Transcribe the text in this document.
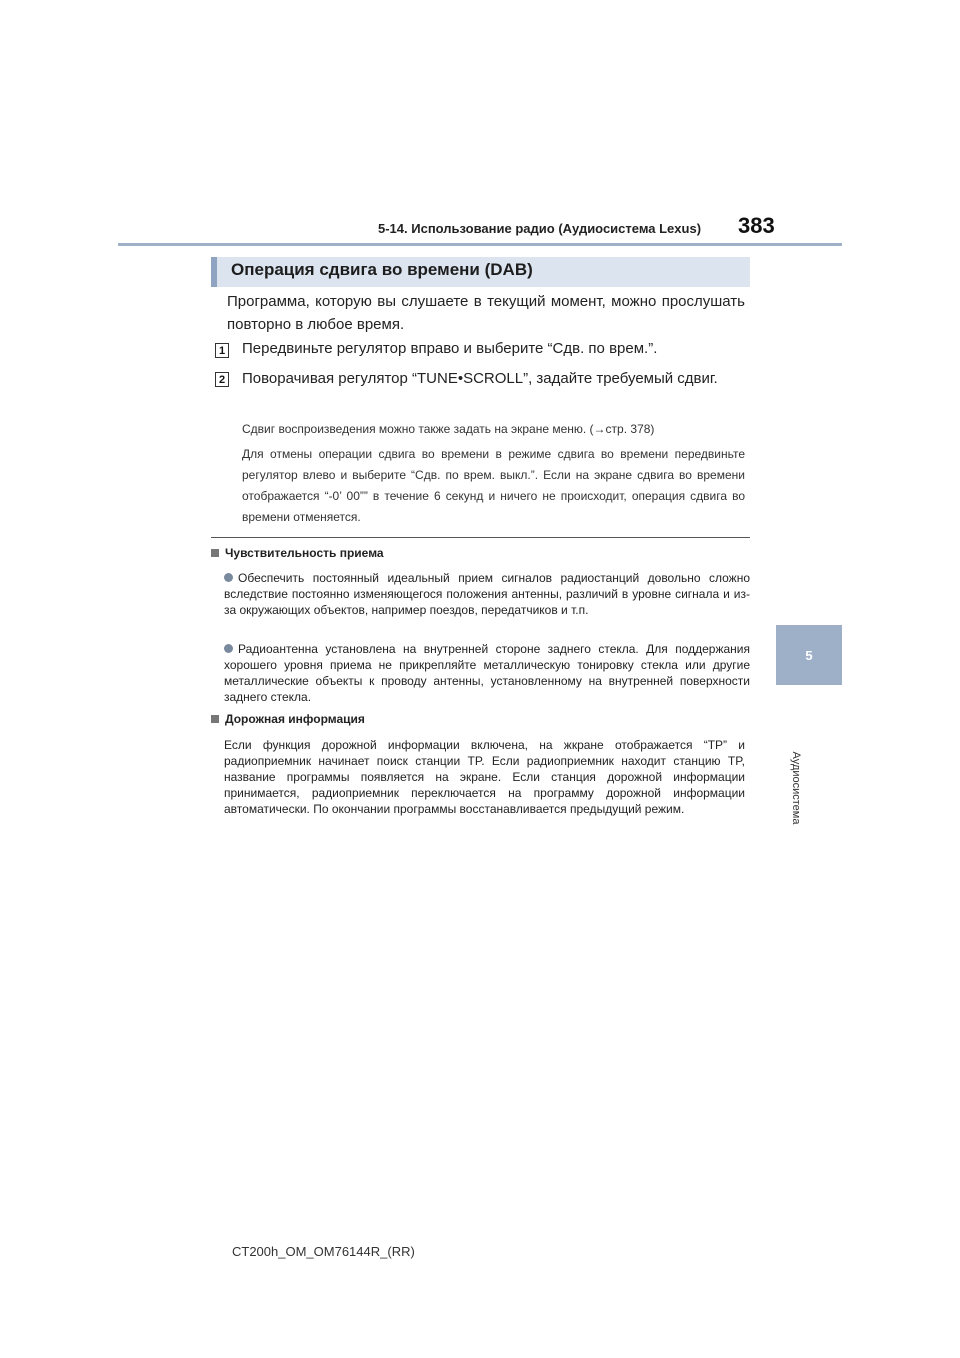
5-14. Использование радио (Аудиосистема Lexus) 383
5
Аудиосистема
Операция сдвига во времени (DAB)
Программа, которую вы слушаете в текущий момент, можно прослушать повторно в любое время.
1 Передвиньте регулятор вправо и выберите “Сдв. по врем.”.
2 Поворачивая регулятор “TUNE•SCROLL”, задайте требуемый сдвиг.
Сдвиг воспроизведения можно также задать на экране меню. (→стр. 378)
Для отмены операции сдвига во времени в режиме сдвига во времени передвиньте регулятор влево и выберите “Сдв. по врем. выкл.”. Если на экране сдвига во времени отображается “-0’ 00”” в течение 6 секунд и ничего не происходит, операция сдвига во времени отменяется.
Чувствительность приема
Обеспечить постоянный идеальный прием сигналов радиостанций довольно сложно вследствие постоянно изменяющегося положения антенны, различий в уровне сигнала и из-за окружающих объектов, например поездов, передатчиков и т.п.
Радиоантенна установлена на внутренней стороне заднего стекла. Для поддержания хорошего уровня приема не прикрепляйте металлическую тонировку стекла или другие металлические объекты к проводу антенны, установленному на внутренней поверхности заднего стекла.
Дорожная информация
Если функция дорожной информации включена, на жкране отображается “TP” и радиоприемник начинает поиск станции TP. Если радиоприемник находит станцию TP, название программы появляется на экране. Если станция дорожной информации принимается, радиоприемник переключается на программу дорожной информации автоматически. По окончании программы восстанавливается предыдущий режим.
CT200h_OM_OM76144R_(RR)
